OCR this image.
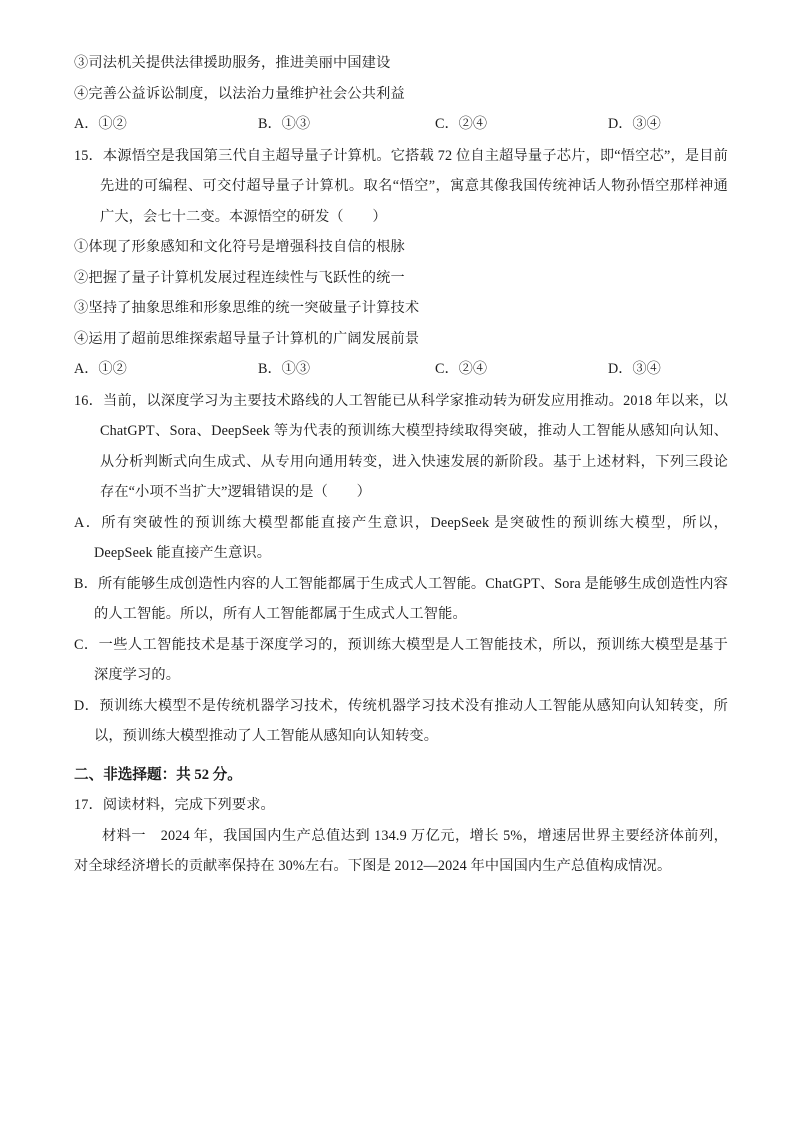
③司法机关提供法律援助服务，推进美丽中国建设
④完善公益诉讼制度，以法治力量维护社会公共利益
A．①②	B．①③	C．②④	D．③④
15．本源悟空是我国第三代自主超导量子计算机。它搭载 72 位自主超导量子芯片，即“悟空芯”，是目前先进的可编程、可交付超导量子计算机。取名“悟空”，寓意其像我国传统神话人物孙悟空那样神通广大，会七十二变。本源悟空的研发（　　）
①体现了形象感知和文化符号是增强科技自信的根脉
②把握了量子计算机发展过程连续性与飞跃性的统一
③坚持了抽象思维和形象思维的统一突破量子计算技术
④运用了超前思维探索超导量子计算机的广阔发展前景
A．①②	B．①③	C．②④	D．③④
16．当前，以深度学习为主要技术路线的人工智能已从科学家推动转为研发应用推动。2018 年以来，以 ChatGPT、Sora、DeepSeek 等为代表的预训练大模型持续取得突破，推动人工智能从感知向认知、从分析判断式向生成式、从专用向通用转变，进入快速发展的新阶段。基于上述材料，下列三段论存在“小项不当扩大”逻辑错误的是（　　）
A．所有突破性的预训练大模型都能直接产生意识，DeepSeek 是突破性的预训练大模型，所以，DeepSeek 能直接产生意识。
B．所有能够生成创造性内容的人工智能都属于生成式人工智能。ChatGPT、Sora 是能够生成创造性内容的人工智能。所以，所有人工智能都属于生成式人工智能。
C．一些人工智能技术是基于深度学习的，预训练大模型是人工智能技术，所以，预训练大模型是基于深度学习的。
D．预训练大模型不是传统机器学习技术，传统机器学习技术没有推动人工智能从感知向认知转变，所以，预训练大模型推动了人工智能从感知向认知转变。
二、非选择题：共 52 分。
17．阅读材料，完成下列要求。
材料一　2024 年，我国国内生产总值达到 134.9 万亿元，增长 5%，增速居世界主要经济体前列，对全球经济增长的贡献率保持在 30%左右。下图是 2012—2024 年中国国内生产总值构成情况。
